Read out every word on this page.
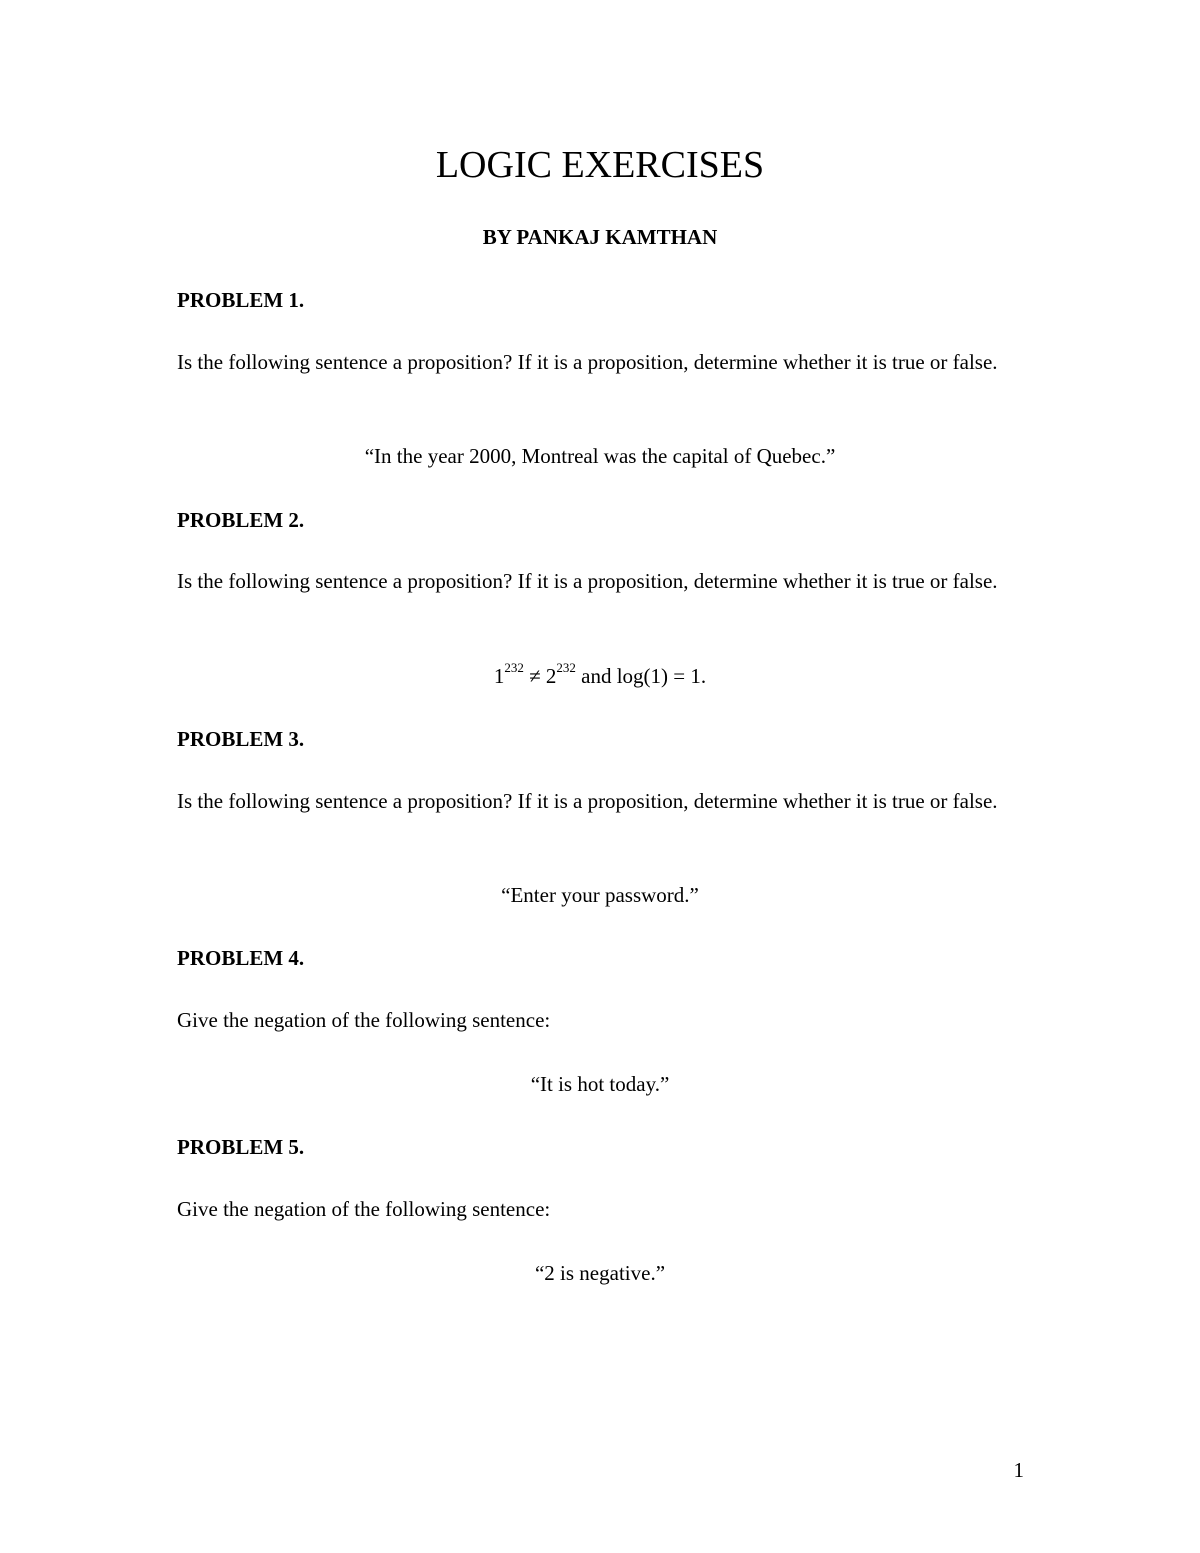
LOGIC EXERCISES

BY PANKAJ KAMTHAN

PROBLEM 1.

Is the following sentence a proposition? If it is a proposition, determine whether it is true or false.

“In the year 2000, Montreal was the capital of Quebec.”

PROBLEM 2.

Is the following sentence a proposition? If it is a proposition, determine whether it is true or false.

$1^{232} \ne 2^{232}$ and log(1) = 1.

PROBLEM 3.

Is the following sentence a proposition? If it is a proposition, determine whether it is true or false.

“Enter your password.”

PROBLEM 4.

Give the negation of the following sentence:

“It is hot today.”

PROBLEM 5.

Give the negation of the following sentence:

“2 is negative.”

1
